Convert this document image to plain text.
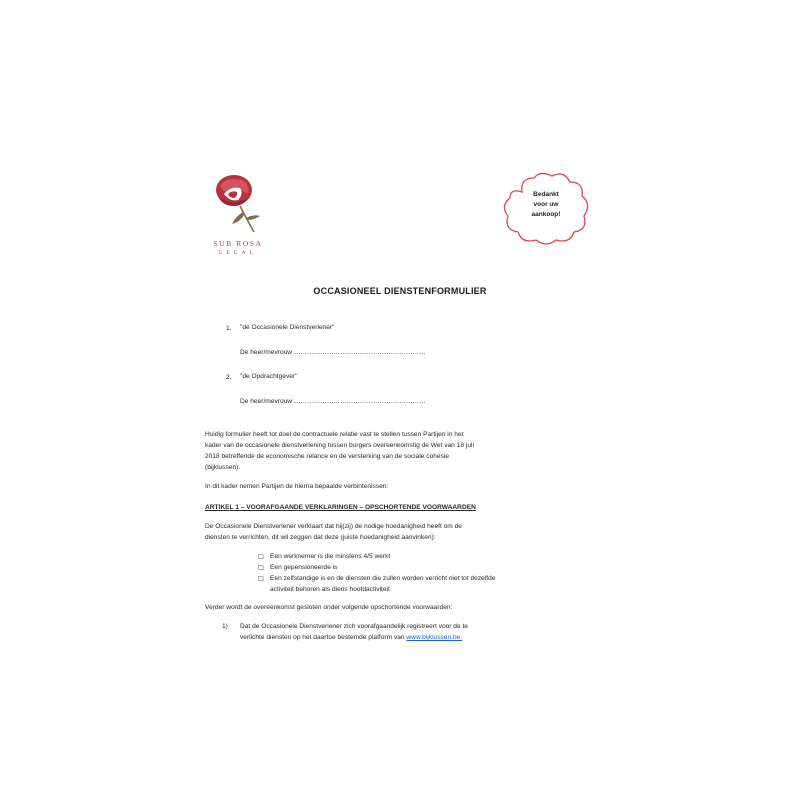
SUB ROSA
LEGAL
Bedankt
voor uw
aankoop!
OCCASIONEEL DIENSTENFORMULIER
1. "de Occasionele Dienstverlener"
De heer/mevrouw ……………………………………………………
2. "de Opdrachtgever"
De heer/mevrouw ……………………………………………………
Huidig formulier heeft tot doel de contractuele relatie vast te stellen tussen Partijen in het
kader van de occasionele dienstverlening tussen burgers overeenkomstig de Wet van 18 juli
2018 betreffende de economische relance en de versterking van de sociale cohesie
(bijklussen).
In dit kader nemen Partijen de hierna bepaalde verbintenissen:
ARTIKEL 1 – VOORAFGAANDE VERKLARINGEN – OPSCHORTENDE VOORWAARDEN
De Occasionele Dienstverlener verklaart dat hij(zij) de nodige hoedanigheid heeft om de
diensten te verrichten, dit wil zeggen dat deze (juiste hoedanigheid aanvinken):
☐ Een werknemer is die minstens 4/5 werkt
☐ Een gepensioneerde is
☐ Een zelfstandige is en de diensten die zullen worden verricht niet tot dezelfde
activiteit behoren als diens hoofdactiviteit
Verder wordt de overeenkomst gesloten onder volgende opschortende voorwaarden:
1) Dat de Occasionele Dienstverlener zich voorafgaandelijk registreert voor de te
verlichte diensten op het daartoe bestemde platform van www.bijklussen.be.
